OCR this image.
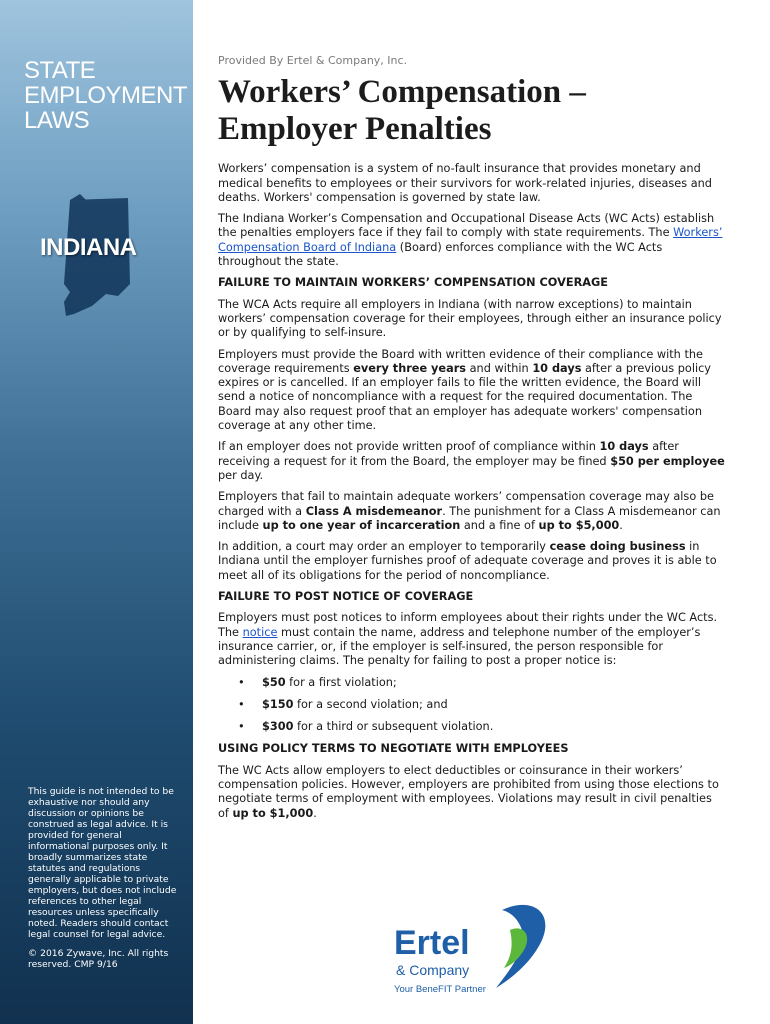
STATE
EMPLOYMENT
LAWS
INDIANA

This guide is not intended to be exhaustive nor should any discussion or opinions be construed as legal advice. It is provided for general informational purposes only. It broadly summarizes state statutes and regulations generally applicable to private employers, but does not include references to other legal resources unless specifically noted. Readers should contact legal counsel for legal advice.

© 2016 Zywave, Inc. All rights reserved. CMP 9/16

Provided By Ertel & Company, Inc.
Workers’ Compensation –
Employer Penalties

Workers’ compensation is a system of no-fault insurance that provides monetary and medical benefits to employees or their survivors for work-related injuries, diseases and deaths. Workers' compensation is governed by state law.

The Indiana Worker’s Compensation and Occupational Disease Acts (WC Acts) establish the penalties employers face if they fail to comply with state requirements. The Workers’ Compensation Board of Indiana (Board) enforces compliance with the WC Acts throughout the state.

FAILURE TO MAINTAIN WORKERS’ COMPENSATION COVERAGE

The WCA Acts require all employers in Indiana (with narrow exceptions) to maintain workers’ compensation coverage for their employees, through either an insurance policy or by qualifying to self-insure.

Employers must provide the Board with written evidence of their compliance with the coverage requirements every three years and within 10 days after a previous policy expires or is cancelled. If an employer fails to file the written evidence, the Board will send a notice of noncompliance with a request for the required documentation. The Board may also request proof that an employer has adequate workers' compensation coverage at any other time.

If an employer does not provide written proof of compliance within 10 days after receiving a request for it from the Board, the employer may be fined $50 per employee per day.

Employers that fail to maintain adequate workers’ compensation coverage may also be charged with a Class A misdemeanor. The punishment for a Class A misdemeanor can include up to one year of incarceration and a fine of up to $5,000.

In addition, a court may order an employer to temporarily cease doing business in Indiana until the employer furnishes proof of adequate coverage and proves it is able to meet all of its obligations for the period of noncompliance.

FAILURE TO POST NOTICE OF COVERAGE

Employers must post notices to inform employees about their rights under the WC Acts. The notice must contain the name, address and telephone number of the employer’s insurance carrier, or, if the employer is self-insured, the person responsible for administering claims. The penalty for failing to post a proper notice is:

• $50 for a first violation;
• $150 for a second violation; and
• $300 for a third or subsequent violation.
USING POLICY TERMS TO NEGOTIATE WITH EMPLOYEES

The WC Acts allow employers to elect deductibles or coinsurance in their workers’ compensation policies. However, employers are prohibited from using those elections to negotiate terms of employment with employees. Violations may result in civil penalties of up to $1,000.

Ertel
& Company
Your BeneFIT Partner
